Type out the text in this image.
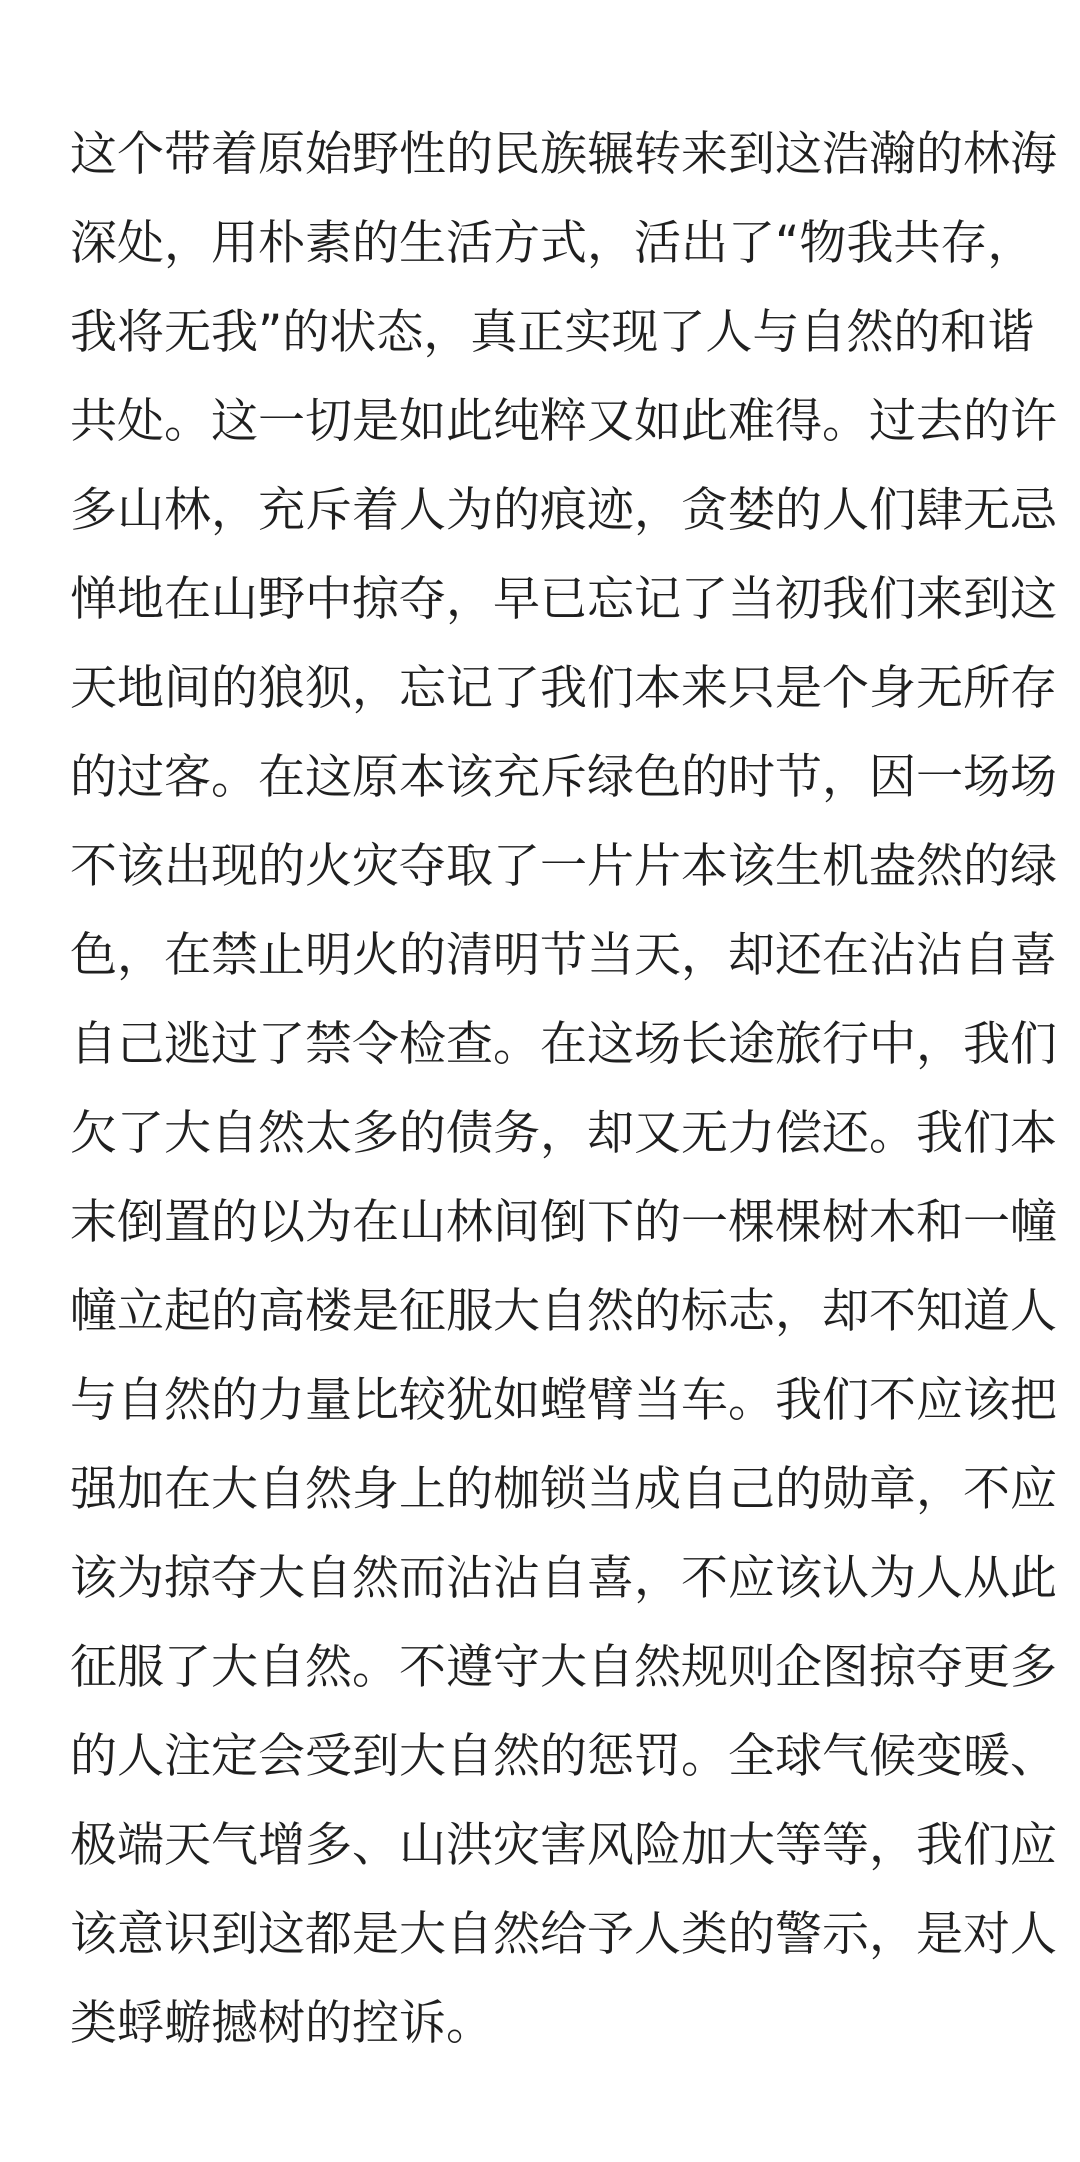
这个带着原始野性的民族辗转来到这浩瀚的林海
深处，用朴素的生活方式，活出了“物我共存，
我将无我”的状态，真正实现了人与自然的和谐
共处。这一切是如此纯粹又如此难得。过去的许
多山林，充斥着人为的痕迹，贪婪的人们肆无忌
惮地在山野中掠夺，早已忘记了当初我们来到这
天地间的狼狈，忘记了我们本来只是个身无所存
的过客。在这原本该充斥绿色的时节，因一场场
不该出现的火灾夺取了一片片本该生机盎然的绿
色，在禁止明火的清明节当天，却还在沾沾自喜
自己逃过了禁令检查。在这场长途旅行中，我们
欠了大自然太多的债务，却又无力偿还。我们本
末倒置的以为在山林间倒下的一棵棵树木和一幢
幢立起的高楼是征服大自然的标志，却不知道人
与自然的力量比较犹如螳臂当车。我们不应该把
强加在大自然身上的枷锁当成自己的勋章，不应
该为掠夺大自然而沾沾自喜，不应该认为人从此
征服了大自然。不遵守大自然规则企图掠夺更多
的人注定会受到大自然的惩罚。全球气候变暖、
极端天气增多、山洪灾害风险加大等等，我们应
该意识到这都是大自然给予人类的警示，是对人
类蜉蝣撼树的控诉。
